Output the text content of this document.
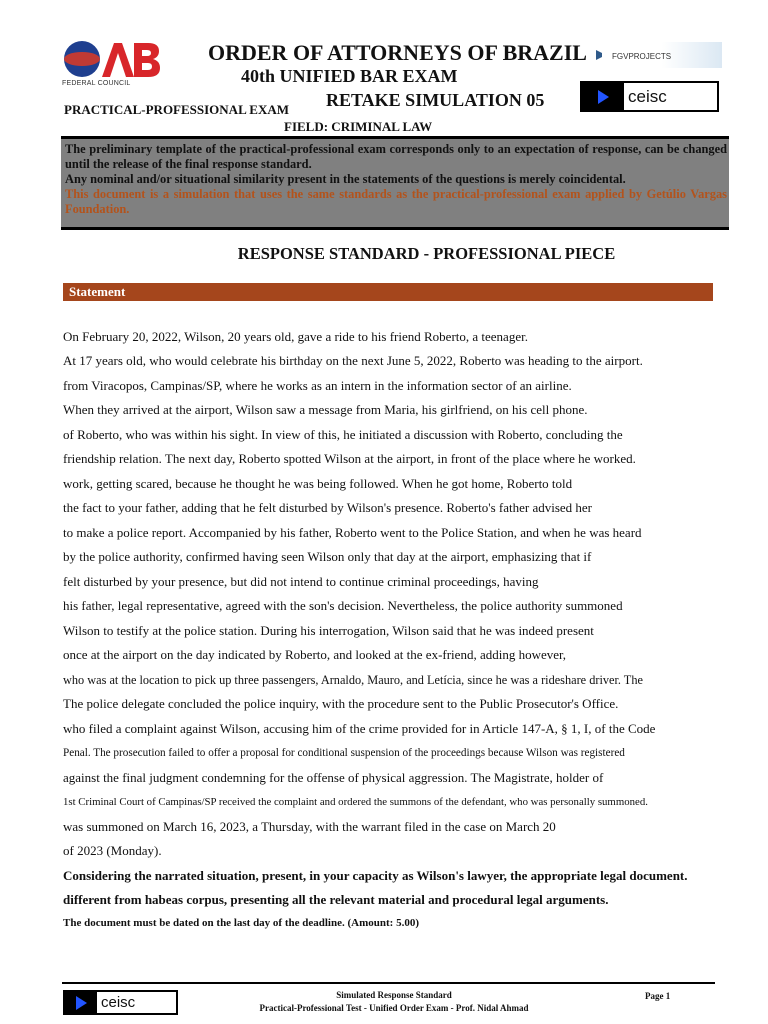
FEDERAL COUNCIL
ORDER OF ATTORNEYS OF BRAZIL
40th UNIFIED BAR EXAM
RETAKE SIMULATION 05
PRACTICAL-PROFESSIONAL EXAM
FIELD: CRIMINAL LAW
FGVPROJECTS
ceisc
The preliminary template of the practical-professional exam corresponds only to an expectation of response, can be changed until the release of the final response standard.
Any nominal and/or situational similarity present in the statements of the questions is merely coincidental.
This document is a simulation that uses the same standards as the practical-professional exam applied by Getúlio Vargas Foundation.
RESPONSE STANDARD - PROFESSIONAL PIECE
Statement
On February 20, 2022, Wilson, 20 years old, gave a ride to his friend Roberto, a teenager.
At 17 years old, who would celebrate his birthday on the next June 5, 2022, Roberto was heading to the airport.
from Viracopos, Campinas/SP, where he works as an intern in the information sector of an airline.
When they arrived at the airport, Wilson saw a message from Maria, his girlfriend, on his cell phone.
of Roberto, who was within his sight. In view of this, he initiated a discussion with Roberto, concluding the
friendship relation. The next day, Roberto spotted Wilson at the airport, in front of the place where he worked.
work, getting scared, because he thought he was being followed. When he got home, Roberto told
the fact to your father, adding that he felt disturbed by Wilson's presence. Roberto's father advised her
to make a police report. Accompanied by his father, Roberto went to the Police Station, and when he was heard
by the police authority, confirmed having seen Wilson only that day at the airport, emphasizing that if
felt disturbed by your presence, but did not intend to continue criminal proceedings, having
his father, legal representative, agreed with the son's decision. Nevertheless, the police authority summoned
Wilson to testify at the police station. During his interrogation, Wilson said that he was indeed present
once at the airport on the day indicated by Roberto, and looked at the ex-friend, adding however,
who was at the location to pick up three passengers, Arnaldo, Mauro, and Letícia, since he was a rideshare driver. The
The police delegate concluded the police inquiry, with the procedure sent to the Public Prosecutor's Office.
who filed a complaint against Wilson, accusing him of the crime provided for in Article 147-A, § 1, I, of the Code
Penal. The prosecution failed to offer a proposal for conditional suspension of the proceedings because Wilson was registered
against the final judgment condemning for the offense of physical aggression. The Magistrate, holder of
1st Criminal Court of Campinas/SP received the complaint and ordered the summons of the defendant, who was personally summoned.
was summoned on March 16, 2023, a Thursday, with the warrant filed in the case on March 20
of 2023 (Monday).
Considering the narrated situation, present, in your capacity as Wilson's lawyer, the appropriate legal document.
different from habeas corpus, presenting all the relevant material and procedural legal arguments.
The document must be dated on the last day of the deadline. (Amount: 5.00)
ceisc	Simulated Response Standard
Practical-Professional Test - Unified Order Exam - Prof. Nidal Ahmad
Page 1
